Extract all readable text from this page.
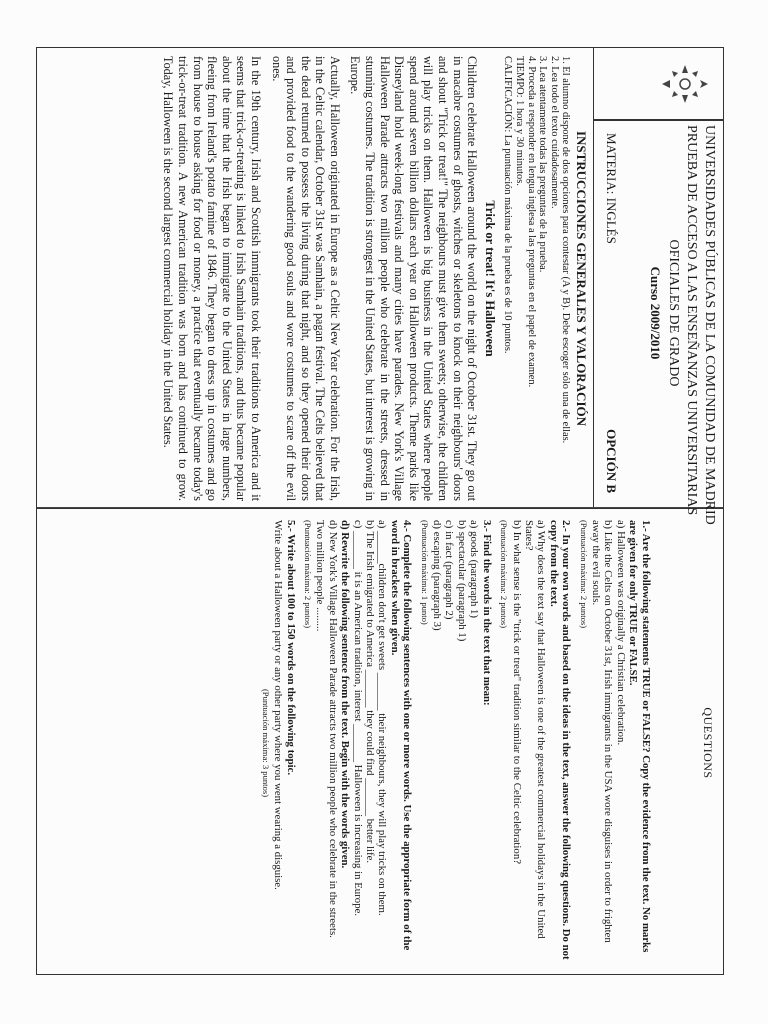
UNIVERSIDADES PÚBLICAS DE LA COMUNIDAD DE MADRID
PRUEBA DE ACCESO A LAS ENSEÑANZAS UNIVERSITARIAS
OFICIALES DE GRADO
Curso 2009/2010
MATERIA: INGLÉS
OPCIÓN B
INSTRUCCIONES GENERALES Y VALORACIÓN
1. El alumno dispone de dos opciones para contestar (A y B). Debe escoger sólo una de ellas.
2. Lea todo el texto cuidadosamente.
3. Lea atentamente todas las preguntas de la prueba.
4. Proceda a responder en lengua inglesa a las preguntas en el papel de examen.
TIEMPO: 1 hora y 30 minutos.
CALIFICACIÓN: La puntuación máxima de la prueba es de 10 puntos.
Trick or treat! It's Halloween

Children celebrate Halloween around the world on the night of October 31st. They go out in macabre costumes of ghosts, witches or skeletons to knock on their neighbours' doors and shout "Trick or treat!" The neighbours must give them sweets; otherwise, the children will play tricks on them. Halloween is big business in the United States where people spend around seven billion dollars each year on Halloween products. Theme parks like Disneyland hold week-long festivals and many cities have parades. New York's Village Halloween Parade attracts two million people who celebrate in the streets, dressed in stunning costumes. The tradition is strongest in the United States, but interest is growing in Europe.

Actually, Halloween originated in Europe as a Celtic New Year celebration. For the Irish, in the Celtic calendar, October 31st was Samhain, a pagan festival. The Celts believed that the dead returned to possess the living during that night, and so they opened their doors and provided food to the wandering good souls and wore costumes to scare off the evil ones.

In the 19th century, Irish and Scottish immigrants took their traditions to America and it seems that trick-or-treating is linked to Irish Samhain traditions, and thus became popular about the time that the Irish began to immigrate to the United States in large numbers, fleeing from Ireland's potato famine of 1846. They began to dress up in costumes and go from house to house asking for food or money, a practice that eventually became today's trick-or-treat tradition. A new American tradition was born and has continued to grow. Today, Halloween is the second largest commercial holiday in the United States.

QUESTIONS
1.- Are the following statements TRUE or FALSE? Copy the evidence from the text. No marks are given for only TRUE or FALSE.
a) Halloween was originally a Christian celebration.
b) Like the Celts on October 31st, Irish immigrants in the USA wore disguises in order to frighten away the evil souls.
(Puntuación máxima: 2 puntos)
2.- In your own words and based on the ideas in the text, answer the following questions. Do not copy from the text.
a) Why does the text say that Halloween is one of the greatest commercial holidays in the United States?
b) In what sense is the "trick or treat" tradition similar to the Celtic celebration?
(Puntuación máxima: 2 puntos)
3.- Find the words in the text that mean:
a) goods (paragraph 1)
b) spectacular (paragraph 1)
c) in fact (paragraph 2)
d) escaping (paragraph 3)
(Puntuación máxima: 1 punto)
4.- Complete the following sentences with one or more words. Use the appropriate form of the word in brackets when given.
a) ______children don't get sweets _______ their neighbours, they will play tricks on them.
b) The Irish emigrated to America _______ they could find _______ better life.
c) _______ it is an American tradition, interest _______ Halloween is increasing in Europe.
d) Rewrite the following sentence from the text. Begin with the words given.
d) New York's Village Halloween Parade attracts two million people who celebrate in the streets.
Two million people .........
(Puntuación máxima: 2 puntos)
5.- Write about 100 to 150 words on the following topic.
Write about a Halloween party or any other party where you went wearing a disguise.
(Puntuación máxima: 3 puntos)
